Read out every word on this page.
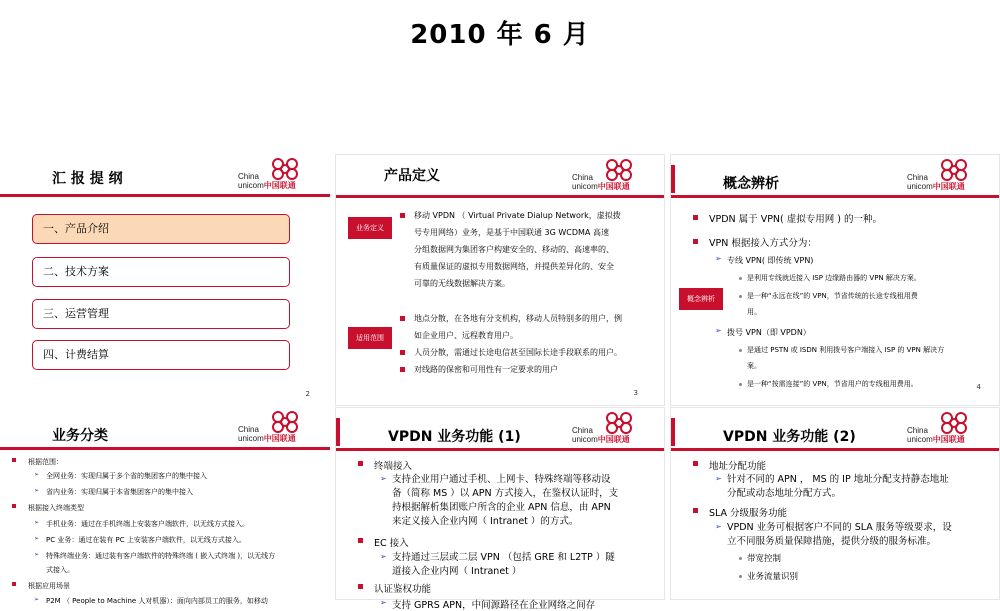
2010 年 6 月
汇 报 提 纲	China
unicom中国联通
一、产品介绍
二、技术方案
三、运营管理
四、计费结算
2
产品定义	China
unicom中国联通
业务定义
移动 VPDN （ Virtual Private Dialup Network，虚拟拨
号专用网络）业务，是基于中国联通 3G WCDMA 高速
分组数据网为集团客户构建安全的、移动的、高速率的、
有质量保证的虚拟专用数据网络，并提供差异化的、安全
可靠的无线数据解决方案。
适用范围
地点分散，在各地有分支机构，移动人员特别多的用户，例
如企业用户、远程教育用户。
人员分散，需通过长途电信甚至国际长途手段联系的用户。
对线路的保密和可用性有一定要求的用户
3
概念辨析	China
unicom中国联通
概念辨析
VPDN 属于 VPN( 虚拟专用网 ) 的一种。
VPN 根据接入方式分为：
➢ 专线 VPN( 即传统 VPN)
是利用专线就近接入 ISP 边缘路由器的 VPN 解决方案。
是一种“永远在线”的 VPN，节省传统的长途专线租用费
用。
➢ 拨号 VPN（即 VPDN）
是通过 PSTN 或 ISDN 利用拨号客户端接入 ISP 的 VPN 解决方
案。
是一种“按需连接”的 VPN，节省用户的专线租用费用。	4
业务分类	China
unicom中国联通
根据范围：
➢ 全网业务：实现归属于多个省的集团客户的集中接入
➢ 省内业务：实现归属于本省集团客户的集中接入
根据接入终端类型
➢ 手机业务：通过在手机终端上安装客户端软件，以无线方式接入。
➢ PC 业务：通过在装有 PC 上安装客户端软件，以无线方式接入。
➢ 特殊终端业务：通过装有客户端软件的特殊终端 ( 嵌入式终端 )，以无线方
式接入。
根据应用场景
➢ P2M （ People to Machine 人对机器）：面向内部员工的服务，如移动
VPDN 业务功能 (1)	China
unicom中国联通
终端接入
➢ 支持企业用户通过手机、上网卡、特殊终端等移动设
备（简称 MS ）以 APN 方式接入，在鉴权认证时，支
持根据解析集团账户所含的企业 APN 信息，由 APN
来定义接入企业内网（ Intranet ）的方式。
EC 接入
➢ 支持通过三层或二层 VPN （包括 GRE 和 L2TP ）隧
道接入企业内网（ Intranet ）
认证鉴权功能
➢ 支持 GPRS APN，中间源路径在企业网络之间存
VPDN 业务功能 (2)	China
unicom中国联通
地址分配功能
➢ 针对不同的 APN ， MS 的 IP 地址分配支持静态地址
分配或动态地址分配方式。
SLA 分级服务功能
➢ VPDN 业务可根据客户不同的 SLA 服务等级要求，设
立不同服务质量保障措施，提供分级的服务标准。
带宽控制
业务流量识别
